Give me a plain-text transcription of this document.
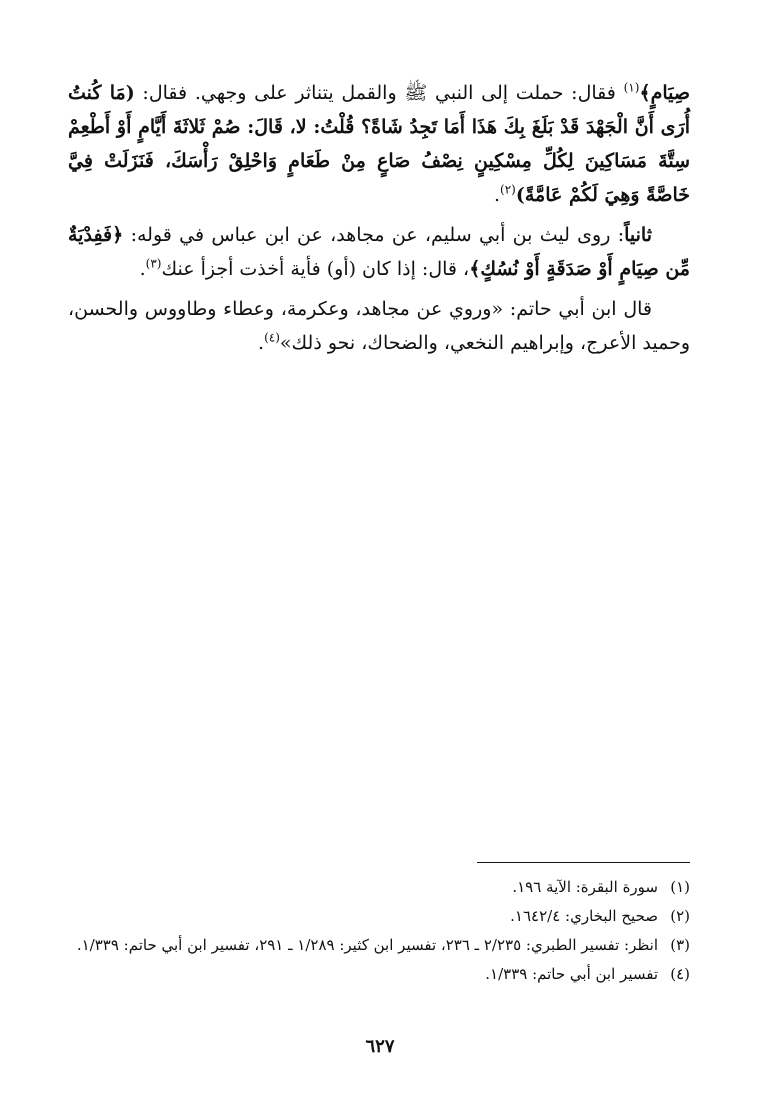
صِيَامٍ﴾$^{(١)}$ فقال: حملت إلى النبي ﷺ والقمل يتناثر على وجهي. فقال: (مَا كُنتُ أُرَى أَنَّ الْجَهْدَ قَدْ بَلَغَ بِكَ هَذَا أَمَا تَجِدُ شَاةً؟ قُلْتُ: لا، قَالَ: صُمْ ثَلاثَةَ أَيَّامٍ أَوْ أَطْعِمْ سِتَّةَ مَسَاكِينَ لِكُلِّ مِسْكِينٍ نِصْفُ صَاعٍ مِنْ طَعَامٍ وَاحْلِقْ رَأْسَكَ، فَنَزَلَتْ فِيَّ خَاصَّةً وَهِيَ لَكُمْ عَامَّةً)$^{(٢)}$.

ثانياً: روى ليث بن أبي سليم، عن مجاهد، عن ابن عباس في قوله: ﴿فَفِدْيَةٌ مِّن صِيَامٍ أَوْ صَدَقَةٍ أَوْ نُسُكٍ﴾، قال: إذا كان (أو) فأية أخذت أجزأ عنك$^{(٣)}$.

قال ابن أبي حاتم: «وروي عن مجاهد، وعكرمة، وعطاء وطاووس والحسن، وحميد الأعرج، وإبراهيم النخعي، والضحاك، نحو ذلك»$^{(٤)}$.

(١)
سورة البقرة: الآية ١٩٦.
(٢)
صحيح البخاري: ١٦٤٢/٤.
(٣)
انظر: تفسير الطبري: ٢/٢٣٥ ـ ٢٣٦، تفسير ابن كثير: ١/٢٨٩ ـ ٢٩١، تفسير ابن أبي حاتم: ١/٣٣٩.
(٤)
تفسير ابن أبي حاتم: ١/٣٣٩.
٦٢٧
